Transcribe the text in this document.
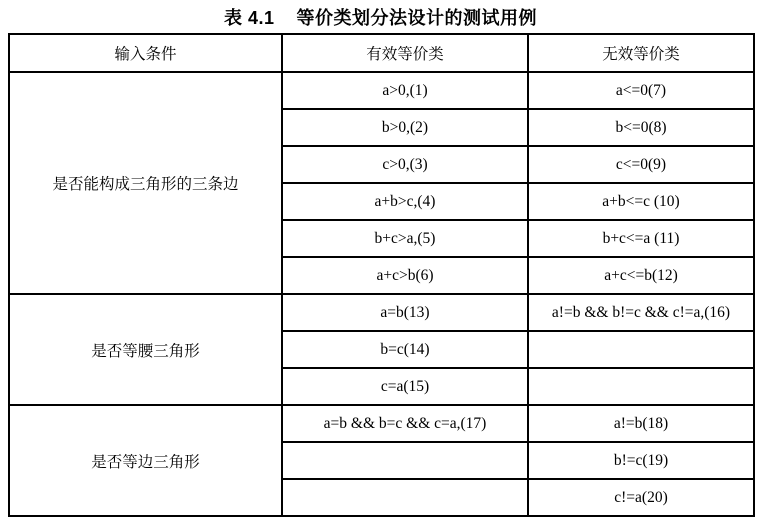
表 4.1 等价类划分法设计的测试用例
输入条件	有效等价类	无效等价类
是否能构成三角形的三条边	a>0,(1)	a<=0(7)
	b>0,(2)	b<=0(8)
	c>0,(3)	c<=0(9)
	a+b>c,(4)	a+b<=c (10)
	b+c>a,(5)	b+c<=a (11)
	a+c>b(6)	a+c<=b(12)
是否等腰三角形	a=b(13)	a!=b && b!=c && c!=a,(16)
	b=c(14)	
	c=a(15)	
是否等边三角形	a=b && b=c && c=a,(17)	a!=b(18)
		b!=c(19)
		c!=a(20)
